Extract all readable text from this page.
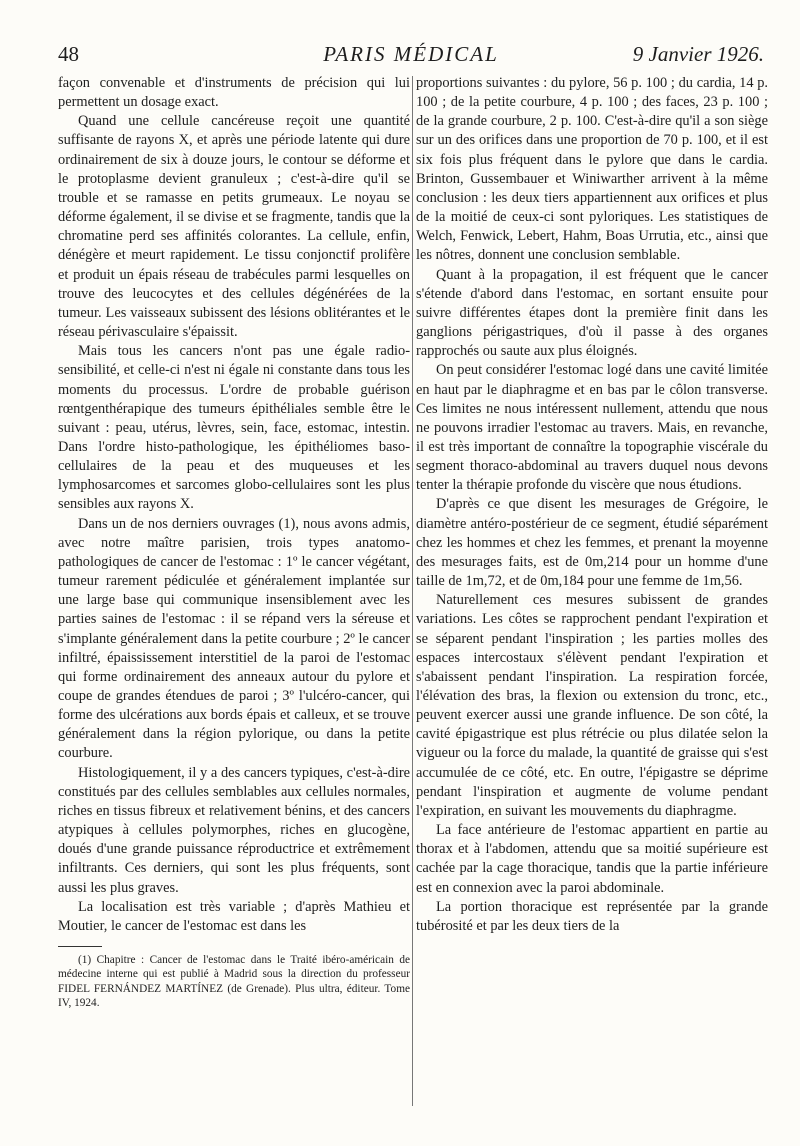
48	PARIS MÉDICAL	9 Janvier 1926.

façon convenable et d'instruments de précision qui lui permettent un dosage exact.

Quand une cellule cancéreuse reçoit une quantité suffisante de rayons X, et après une période latente qui dure ordinairement de six à douze jours, le contour se déforme et le protoplasme devient granuleux ; c'est-à-dire qu'il se trouble et se ramasse en petits grumeaux. Le noyau se déforme également, il se divise et se fragmente, tandis que la chromatine perd ses affinités colorantes. La cellule, enfin, dénégère et meurt rapidement. Le tissu conjonctif prolifère et produit un épais réseau de trabécules parmi lesquelles on trouve des leucocytes et des cellules dégénérées de la tumeur. Les vaisseaux subissent des lésions oblitérantes et le réseau périvasculaire s'épaissit.

Mais tous les cancers n'ont pas une égale radio-sensibilité, et celle-ci n'est ni égale ni constante dans tous les moments du processus. L'ordre de probable guérison rœntgenthérapique des tumeurs épithéliales semble être le suivant : peau, utérus, lèvres, sein, face, estomac, intestin. Dans l'ordre histo-pathologique, les épithéliomes baso-cellulaires de la peau et des muqueuses et les lymphosarcomes et sarcomes globo-cellulaires sont les plus sensibles aux rayons X.

Dans un de nos derniers ouvrages (1), nous avons admis, avec notre maître parisien, trois types anatomo-pathologiques de cancer de l'estomac : 1º le cancer végétant, tumeur rarement pédiculée et généralement implantée sur une large base qui communique insensiblement avec les parties saines de l'estomac : il se répand vers la séreuse et s'implante généralement dans la petite courbure ; 2º le cancer infiltré, épaississement interstitiel de la paroi de l'estomac qui forme ordinairement des anneaux autour du pylore et coupe de grandes étendues de paroi ; 3º l'ulcéro-cancer, qui forme des ulcérations aux bords épais et calleux, et se trouve généralement dans la région pylorique, ou dans la petite courbure.

Histologiquement, il y a des cancers typiques, c'est-à-dire constitués par des cellules semblables aux cellules normales, riches en tissus fibreux et relativement bénins, et des cancers atypiques à cellules polymorphes, riches en glucogène, doués d'une grande puissance réproductrice et extrêmement infiltrants. Ces derniers, qui sont les plus fréquents, sont aussi les plus graves.

La localisation est très variable ; d'après Mathieu et Moutier, le cancer de l'estomac est dans les

(1) Chapitre : Cancer de l'estomac dans le Traité ibéro-américain de médecine interne qui est publié à Madrid sous la direction du professeur FIDEL FERNÁNDEZ MARTÍNEZ (de Grenade). Plus ultra, éditeur. Tome IV, 1924.

proportions suivantes : du pylore, 56 p. 100 ; du cardia, 14 p. 100 ; de la petite courbure, 4 p. 100 ; des faces, 23 p. 100 ; de la grande courbure, 2 p. 100. C'est-à-dire qu'il a son siège sur un des orifices dans une proportion de 70 p. 100, et il est six fois plus fréquent dans le pylore que dans le cardia. Brinton, Gussembauer et Winiwarther arrivent à la même conclusion : les deux tiers appartiennent aux orifices et plus de la moitié de ceux-ci sont pyloriques. Les statistiques de Welch, Fenwick, Lebert, Hahm, Boas Urrutia, etc., ainsi que les nôtres, donnent une conclusion semblable.

Quant à la propagation, il est fréquent que le cancer s'étende d'abord dans l'estomac, en sortant ensuite pour suivre différentes étapes dont la première finit dans les ganglions périgastriques, d'où il passe à des organes rapprochés ou saute aux plus éloignés.

On peut considérer l'estomac logé dans une cavité limitée en haut par le diaphragme et en bas par le côlon transverse. Ces limites ne nous intéressent nullement, attendu que nous ne pouvons irradier l'estomac au travers. Mais, en revanche, il est très important de connaître la topographie viscérale du segment thoraco-abdominal au travers duquel nous devons tenter la thérapie profonde du viscère que nous étudions.

D'après ce que disent les mesurages de Grégoire, le diamètre antéro-postérieur de ce segment, étudié séparément chez les hommes et chez les femmes, et prenant la moyenne des mesurages faits, est de 0m,214 pour un homme d'une taille de 1m,72, et de 0m,184 pour une femme de 1m,56.

Naturellement ces mesures subissent de grandes variations. Les côtes se rapprochent pendant l'expiration et se séparent pendant l'inspiration ; les parties molles des espaces intercostaux s'élèvent pendant l'expiration et s'abaissent pendant l'inspiration. La respiration forcée, l'élévation des bras, la flexion ou extension du tronc, etc., peuvent exercer aussi une grande influence. De son côté, la cavité épigastrique est plus rétrécie ou plus dilatée selon la vigueur ou la force du malade, la quantité de graisse qui s'est accumulée de ce côté, etc. En outre, l'épigastre se déprime pendant l'inspiration et augmente de volume pendant l'expiration, en suivant les mouvements du diaphragme.

La face antérieure de l'estomac appartient en partie au thorax et à l'abdomen, attendu que sa moitié supérieure est cachée par la cage thoracique, tandis que la partie inférieure est en connexion avec la paroi abdominale.

La portion thoracique est représentée par la grande tubérosité et par les deux tiers de la
